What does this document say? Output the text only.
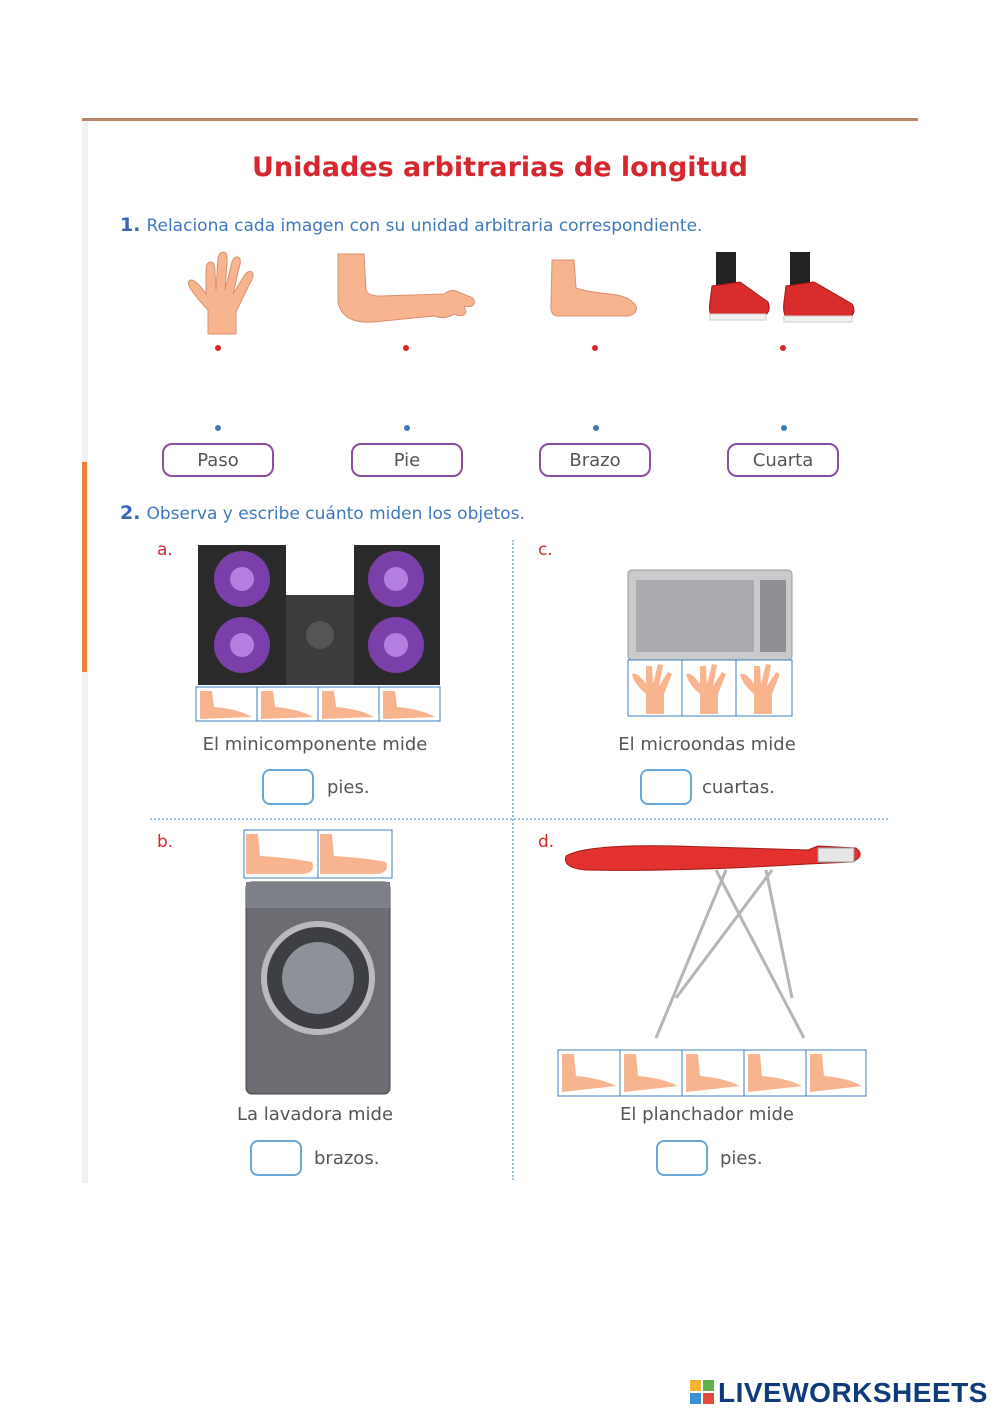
Unidades arbitrarias de longitud
1. Relaciona cada imagen con su unidad arbitraria correspondiente.
Paso	Pie	Brazo	Cuarta
2. Observa y escribe cuánto miden los objetos.
a.
El minicomponente mide
pies.
c.
El microondas mide
cuartas.
b.
La lavadora mide
brazos.
d.
El planchador mide
pies.
LIVEWORKSHEETS
